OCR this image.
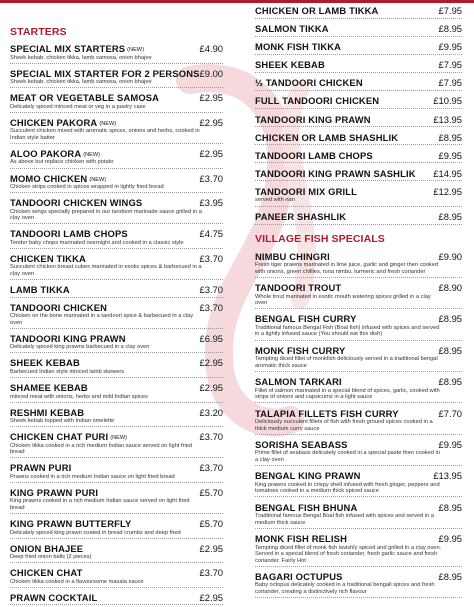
STARTERS
SPECIAL MIX STARTERS (NEW)	£4.90
Sheek kebab, chicken tikka, lamb samosa, onion bhajee
SPECIAL MIX STARTER FOR 2 PERSONS £9.00
Sheek kebab, chicken tikka, lamb samosa, onion bhajee
MEAT OR VEGETABLE SAMOSA	£2.95
Delicately spiced minced meat or veg in a pastry case
CHICKEN PAKORA (NEW)	£2.95
Succulent chicken mixed with aromatic spices, onions and herbs, cooked in Indian style batter
ALOO PAKORA (NEW)	£2.95
As above but replace chicken with potato
MOMO CHICKEN (NEW)	£3.70
Chicken strips cooked in spices wrapped in lightly fried bread
TANDOORI CHICKEN WINGS	£3.95
Chicken wings specially prepared in our tandoori marinade sauce grilled in a clay oven
TANDOORI LAMB CHOPS	£4.75
Tender baby chops marinated overnight and cooked in a classic style
CHICKEN TIKKA	£3.70
Succulent chicken breast cubes marinated in exotic spices & barbecued in a clay oven
LAMB TIKKA	£3.70
TANDOORI CHICKEN	£3.70
Chicken on the bone marinated in a tandoori spice & barbecued in a clay oven
TANDOORI KING PRAWN	£6.95
Delicately spiced king prawns barbecued in a clay oven
SHEEK KEBAB	£2.95
Barbecued Indian style minced lamb skewers
SHAMEE KEBAB	£2.95
minced meat with onions, herbs and mild Indian spices
RESHMI KEBAB	£3.20
Sheek kebab topped with Indian omelette
CHICKEN CHAT PURI (NEW)	£3.70
Chicken tikka cooked in a rich medium Indian sauce served on light fried bread
PRAWN PURI	£3.70
Prawns cooked in a rich medium Indian sauce on light fried bread
KING PRAWN PURI	£5.70
King prawns cooked in a rich medium Indian sauce served on light fried bread
KING PRAWN BUTTERFLY	£5.70
Delicately spiced king prawn coated in bread crumbs and deep fried
ONION BHAJEE	£2.95
Deep fried onion balls (2 pieces)
CHICKEN CHAT	£3.70
Chicken tikka cooked in a flavoursome masala sauce
PRAWN COCKTAIL	£2.95
CHICKEN OR LAMB TIKKA	£7.95
SALMON TIKKA	£8.95
MONK FISH TIKKA	£9.95
SHEEK KEBAB	£7.95
½ TANDOORI CHICKEN	£7.95
FULL TANDOORI CHICKEN	£10.95
TANDOORI KING PRAWN	£13.95
CHICKEN OR LAMB SHASHLIK	£8.95
TANDOORI LAMB CHOPS	£9.95
TANDOORI KING PRAWN SASHLIK £14.95
TANDOORI MIX GRILL	£12.95
served with nan
PANEER SHASHLIK	£8.95
VILLAGE FISH SPECIALS
NIMBU CHINGRI	£9.90
Fresh tiger prawns marinated in lime juice, garlic and ginger then cooked with onions, green chillies, tona nimbu, turmeric and fresh coriander
TANDOORI TROUT	£8.90
Whole trout marinated in exotic mouth watering spices grilled in a clay oven
BENGAL FISH CURRY	£8.95
Traditional famous Bengal Fish (Boal fish) infused with spices and served in a lightly infused sauce (You should eat this dish)
MONK FISH CURRY	£8.95
Tempting diced fillet of monkfish deliciously served in a traditional bengal aromatic thick sauce
SALMON TARKARI	£8.95
Fillet of salmon marinated in a special blend of spices, garlic, cooked with strips of onions and capsicums in a light sauce
TALAPIA FILLETS FISH CURRY	£7.70
Deliciously succulent fillets of fish with fresh ground spices cooked in a thick medium curry sauce
SORISHA SEABASS	£9.95
Prime fillet of seabass delicately cooked in a special paste then cooked in a clay oven
BENGAL KING PRAWN	£13.95
King prawns cooked in crispy shell infused with fresh ginger, peppers and tomatoes cooked in a medium thick spiced sauce
BENGAL FISH BHUNA	£8.95
Traditional famous Bengal Boal fish infused with spices and served in a medium thick sauce
MONK FISH RELISH	£9.95
Tempting diced fillet of monk fish lavishly spiced and grilled in a clay oven. Served in a special blend of fresh coriander, fresh garlic sauce and fresh coriander. Fairly Hot
BAGARI OCTUPUS	£8.95
Baby octopus delicately cooked in a traditional bengali spices and fresh coriander, creating a distinctively rich flavour
